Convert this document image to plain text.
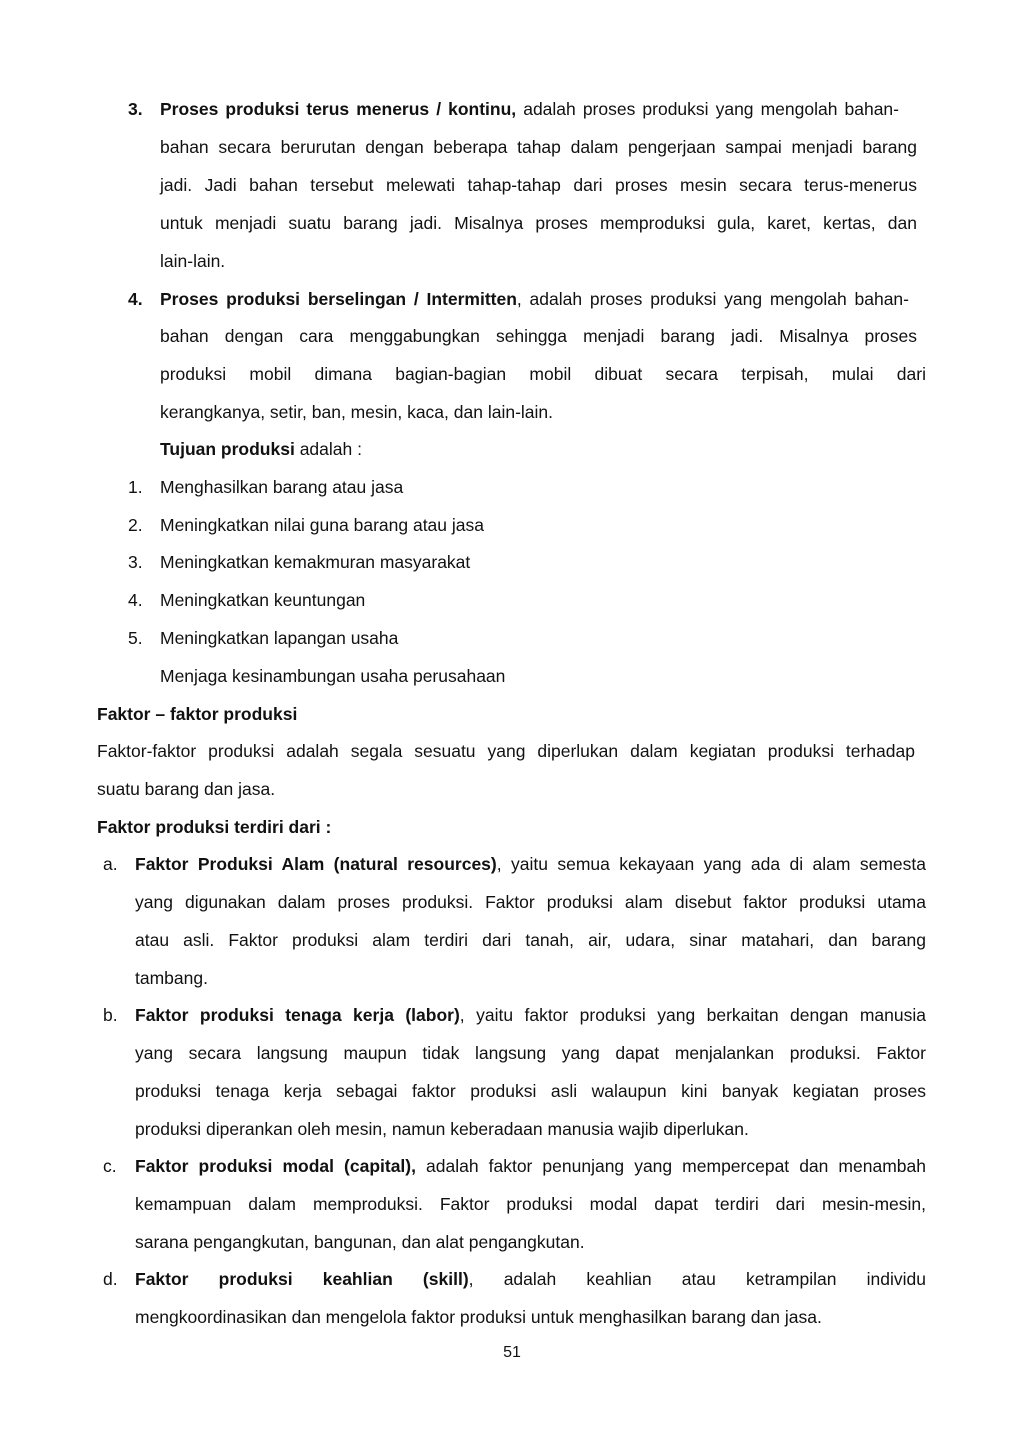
3. Proses produksi terus menerus / kontinu, adalah proses produksi yang mengolah bahan-
bahan secara berurutan dengan beberapa tahap dalam pengerjaan sampai menjadi barang
jadi. Jadi bahan tersebut melewati tahap-tahap dari proses mesin secara terus-menerus
untuk menjadi suatu barang jadi. Misalnya proses memproduksi gula, karet, kertas, dan
lain-lain.
4. Proses produksi berselingan / Intermitten, adalah proses produksi yang mengolah bahan-
bahan dengan cara menggabungkan sehingga menjadi barang jadi. Misalnya proses
produksi mobil dimana bagian-bagian mobil dibuat secara terpisah, mulai dari
kerangkanya, setir, ban, mesin, kaca, dan lain-lain.
Tujuan produksi adalah :
1. Menghasilkan barang atau jasa
2. Meningkatkan nilai guna barang atau jasa
3. Meningkatkan kemakmuran masyarakat
4. Meningkatkan keuntungan
5. Meningkatkan lapangan usaha
Menjaga kesinambungan usaha perusahaan
Faktor – faktor produksi
Faktor-faktor produksi adalah segala sesuatu yang diperlukan dalam kegiatan produksi terhadap
suatu barang dan jasa.
Faktor produksi terdiri dari :
a. Faktor Produksi Alam (natural resources), yaitu semua kekayaan yang ada di alam semesta
yang digunakan dalam proses produksi. Faktor produksi alam disebut faktor produksi utama
atau asli. Faktor produksi alam terdiri dari tanah, air, udara, sinar matahari, dan barang
tambang.
b. Faktor produksi tenaga kerja (labor), yaitu faktor produksi yang berkaitan dengan manusia
yang secara langsung maupun tidak langsung yang dapat menjalankan produksi. Faktor
produksi tenaga kerja sebagai faktor produksi asli walaupun kini banyak kegiatan proses
produksi diperankan oleh mesin, namun keberadaan manusia wajib diperlukan.
c. Faktor produksi modal (capital), adalah faktor penunjang yang mempercepat dan menambah
kemampuan dalam memproduksi. Faktor produksi modal dapat terdiri dari mesin-mesin,
sarana pengangkutan, bangunan, dan alat pengangkutan.
d. Faktor produksi keahlian (skill), adalah keahlian atau ketrampilan individu
mengkoordinasikan dan mengelola faktor produksi untuk menghasilkan barang dan jasa.
51
